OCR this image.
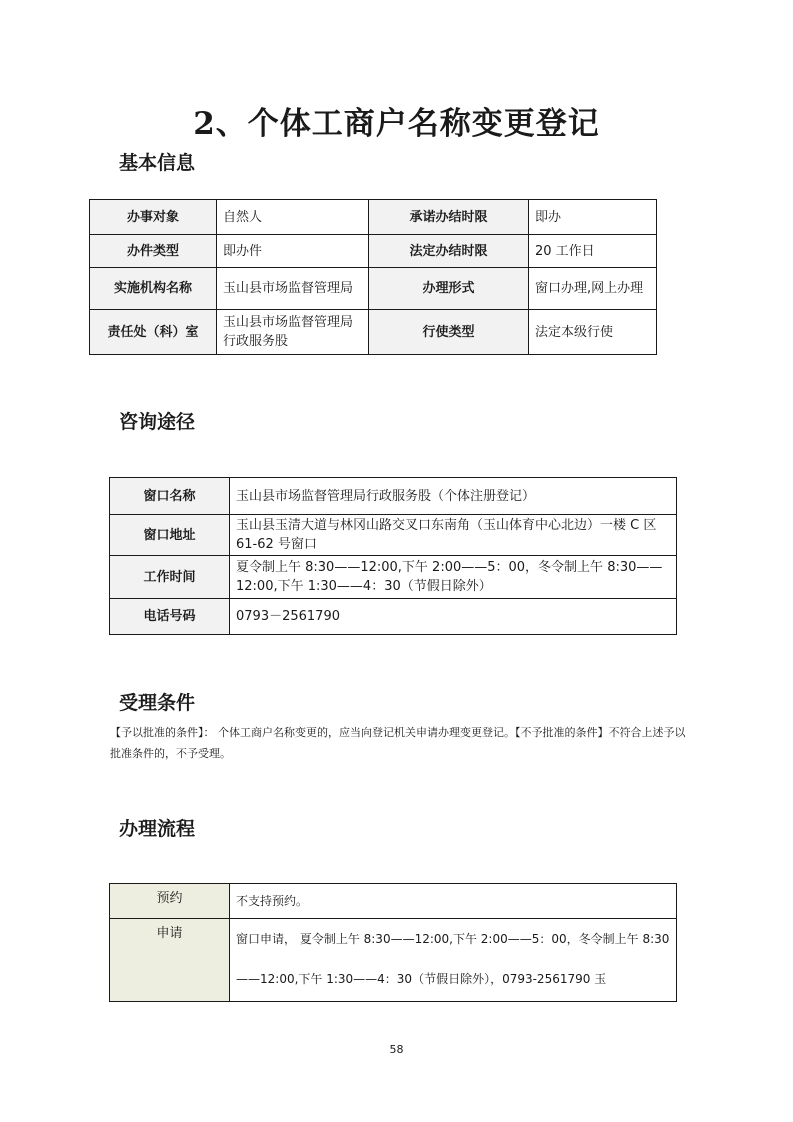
2、个体工商户名称变更登记
基本信息
办事对象	自然人	承诺办结时限	即办
办件类型	即办件	法定办结时限	20 工作日
实施机构名称	玉山县市场监督管理局	办理形式	窗口办理,网上办理
责任处（科）室	玉山县市场监督管理局行政服务股	行使类型	法定本级行使
咨询途径
窗口名称	玉山县市场监督管理局行政服务股（个体注册登记）
窗口地址	玉山县玉清大道与林冈山路交叉口东南角（玉山体育中心北边）一楼 C 区 61-62 号窗口
工作时间	夏令制上午 8:30——12:00,下午 2:00——5：00，冬令制上午 8:30——12:00,下午 1:30——4：30（节假日除外）
电话号码	0793－2561790
受理条件
【予以批准的条件】： 个体工商户名称变更的，应当向登记机关申请办理变更登记。【不予批准的条件】不符合上述予以批准条件的，不予受理。
办理流程
预约	不支持预约。
申请	窗口申请， 夏令制上午 8:30——12:00,下午 2:00——5：00，冬令制上午 8:30——12:00,下午 1:30——4：30（节假日除外），0793-2561790 玉
58
